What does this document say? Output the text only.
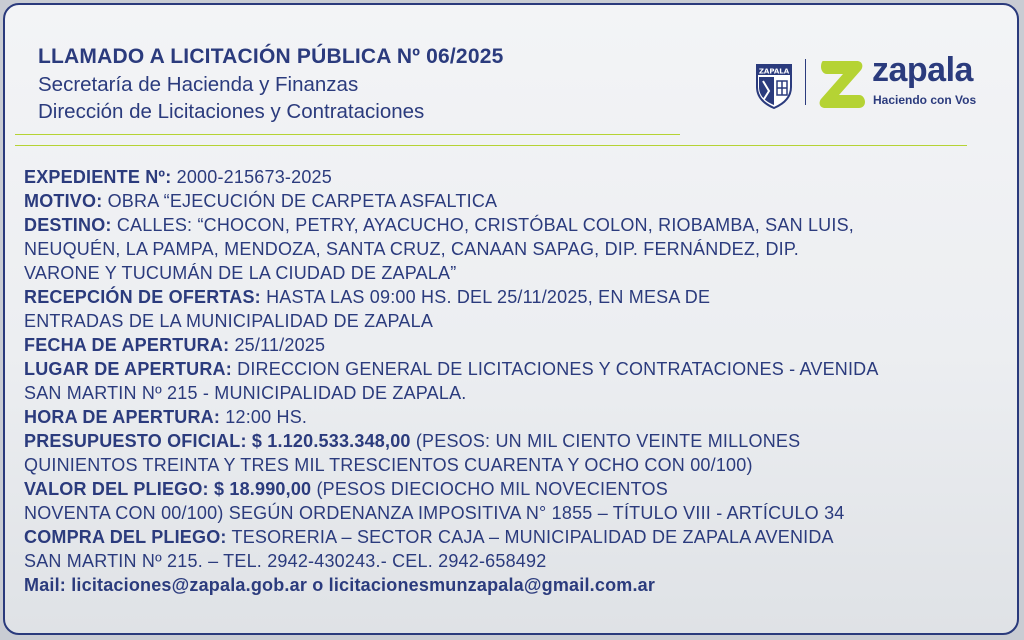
LLAMADO A LICITACIÓN PÚBLICA Nº 06/2025
Secretaría de Hacienda y Finanzas
Dirección de Licitaciones y Contrataciones
ZAPALA zapala
Haciendo con Vos

EXPEDIENTE Nº: 2000-215673-2025

MOTIVO: OBRA “EJECUCIÓN DE CARPETA ASFALTICA

DESTINO: CALLES: “CHOCON, PETRY, AYACUCHO, CRISTÓBAL COLON, RIOBAMBA, SAN LUIS,

NEUQUÉN, LA PAMPA, MENDOZA, SANTA CRUZ, CANAAN SAPAG, DIP. FERNÁNDEZ, DIP.

VARONE Y TUCUMÁN DE LA CIUDAD DE ZAPALA”

RECEPCIÓN DE OFERTAS: HASTA LAS 09:00 HS. DEL 25/11/2025, EN MESA DE

ENTRADAS DE LA MUNICIPALIDAD DE ZAPALA

FECHA DE APERTURA: 25/11/2025

LUGAR DE APERTURA: DIRECCION GENERAL DE LICITACIONES Y CONTRATACIONES - AVENIDA

SAN MARTIN Nº 215 - MUNICIPALIDAD DE ZAPALA.

HORA DE APERTURA: 12:00 HS.

PRESUPUESTO OFICIAL: $ 1.120.533.348,00 (PESOS: UN MIL CIENTO VEINTE MILLONES

QUINIENTOS TREINTA Y TRES MIL TRESCIENTOS CUARENTA Y OCHO CON 00/100)

VALOR DEL PLIEGO: $ 18.990,00 (PESOS DIECIOCHO MIL NOVECIENTOS

NOVENTA CON 00/100) SEGÚN ORDENANZA IMPOSITIVA N° 1855 – TÍTULO VIII - ARTÍCULO 34

COMPRA DEL PLIEGO: TESORERIA – SECTOR CAJA – MUNICIPALIDAD DE ZAPALA AVENIDA

SAN MARTIN Nº 215. – TEL. 2942-430243.- CEL. 2942-658492

Mail: licitaciones@zapala.gob.ar o licitacionesmunzapala@gmail.com.ar
